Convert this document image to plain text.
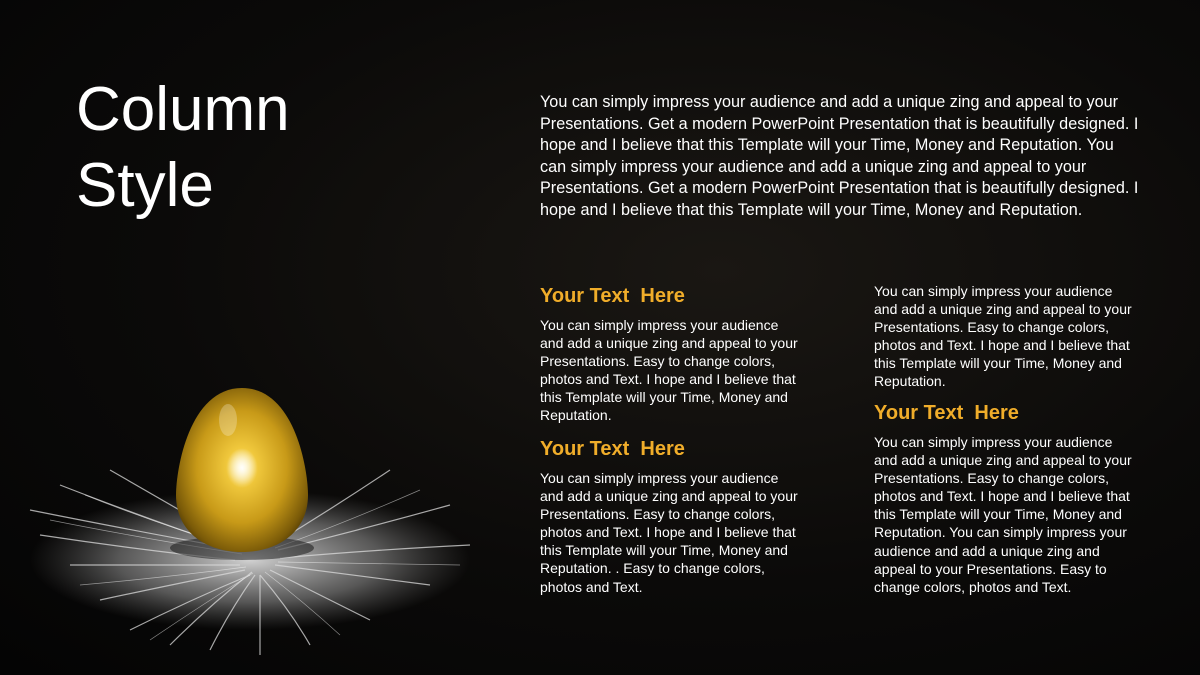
Column
Style

You can simply impress your audience and add a unique zing and appeal to your Presentations. Get a modern PowerPoint Presentation that is beautifully designed. I hope and I believe that this Template will your Time, Money and Reputation. You can simply impress your audience and add a unique zing and appeal to your Presentations. Get a modern PowerPoint Presentation that is beautifully designed. I hope and I believe that this Template will your Time, Money and Reputation.

Your Text  Here

You can simply impress your audience and add a unique zing and appeal to your Presentations. Easy to change colors, photos and Text. I hope and I believe that this Template will your Time, Money and Reputation.

Your Text  Here

You can simply impress your audience and add a unique zing and appeal to your Presentations. Easy to change colors, photos and Text. I hope and I believe that this Template will your Time, Money and Reputation. . Easy to change colors, photos and Text.

You can simply impress your audience and add a unique zing and appeal to your Presentations. Easy to change colors, photos and Text. I hope and I believe that this Template will your Time, Money and Reputation.

Your Text  Here

You can simply impress your audience and add a unique zing and appeal to your Presentations. Easy to change colors, photos and Text. I hope and I believe that this Template will your Time, Money and Reputation. You can simply impress your audience and add a unique zing and appeal to your Presentations. Easy to change colors, photos and Text.
